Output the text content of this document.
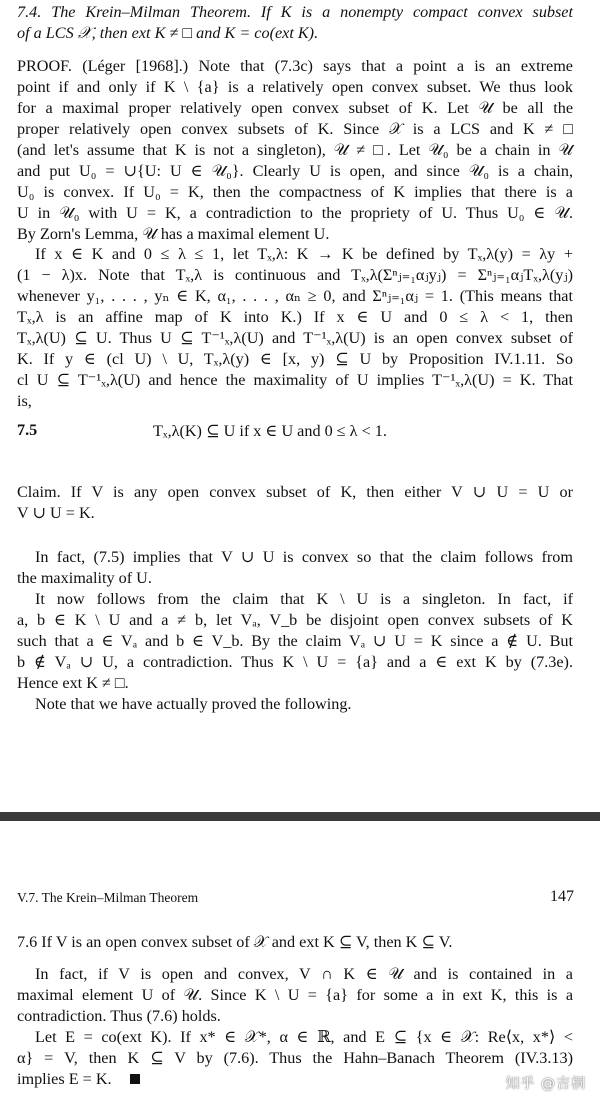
7.4. The Krein–Milman Theorem. If K is a nonempty compact convex subset
of a LCS 𝒳, then ext K ≠ □ and K = co(ext K).
PROOF. (Léger [1968].) Note that (7.3c) says that a point a is an extreme
point if and only if K \ {a} is a relatively open convex subset. We thus look
for a maximal proper relatively open convex subset of K. Let 𝒰 be all the
proper relatively open convex subsets of K. Since 𝒳 is a LCS and K ≠ □
(and let's assume that K is not a singleton), 𝒰 ≠ □. Let 𝒰₀ be a chain in 𝒰
and put U₀ = ∪{U: U ∈ 𝒰₀}. Clearly U is open, and since 𝒰₀ is a chain,
U₀ is convex. If U₀ = K, then the compactness of K implies that there is a
U in 𝒰₀ with U = K, a contradiction to the propriety of U. Thus U₀ ∈ 𝒰.
By Zorn's Lemma, 𝒰 has a maximal element U.
If x ∈ K and 0 ≤ λ ≤ 1, let Tₓ,λ: K → K be defined by Tₓ,λ(y) = λy +
(1 − λ)x. Note that Tₓ,λ is continuous and Tₓ,λ(Σⁿⱼ₌₁αⱼyⱼ) = Σⁿⱼ₌₁αⱼTₓ,λ(yⱼ)
whenever y₁, . . . , yₙ ∈ K, α₁, . . . , αₙ ≥ 0, and Σⁿⱼ₌₁αⱼ = 1. (This means that
Tₓ,λ is an affine map of K into K.) If x ∈ U and 0 ≤ λ < 1, then
Tₓ,λ(U) ⊆ U. Thus U ⊆ T⁻¹ₓ,λ(U) and T⁻¹ₓ,λ(U) is an open convex subset of
K. If y ∈ (cl U) \ U, Tₓ,λ(y) ∈ [x, y) ⊆ U by Proposition IV.1.11. So
cl U ⊆ T⁻¹ₓ,λ(U) and hence the maximality of U implies T⁻¹ₓ,λ(U) = K. That
is,
7.5	Tₓ,λ(K) ⊆ U if x ∈ U and 0 ≤ λ < 1.
Claim. If V is any open convex subset of K, then either V ∪ U = U or
V ∪ U = K.
In fact, (7.5) implies that V ∪ U is convex so that the claim follows from
the maximality of U.
It now follows from the claim that K \ U is a singleton. In fact, if
a, b ∈ K \ U and a ≠ b, let Vₐ, V_b be disjoint open convex subsets of K
such that a ∈ Vₐ and b ∈ V_b. By the claim Vₐ ∪ U = K since a ∉ U. But
b ∉ Vₐ ∪ U, a contradiction. Thus K \ U = {a} and a ∈ ext K by (7.3e).
Hence ext K ≠ □.
Note that we have actually proved the following.
V.7. The Krein–Milman Theorem	147
7.6 If V is an open convex subset of 𝒳 and ext K ⊆ V, then K ⊆ V.
In fact, if V is open and convex, V ∩ K ∈ 𝒰 and is contained in a
maximal element U of 𝒰. Since K \ U = {a} for some a in ext K, this is a
contradiction. Thus (7.6) holds.
Let E = co(ext K). If x* ∈ 𝒳*, α ∈ ℝ, and E ⊆ {x ∈ 𝒳: Re⟨x, x*⟩ <
α} = V, then K ⊆ V by (7.6). Thus the Hahn–Banach Theorem (IV.3.13)
implies E = K.	知乎 @吉桐
